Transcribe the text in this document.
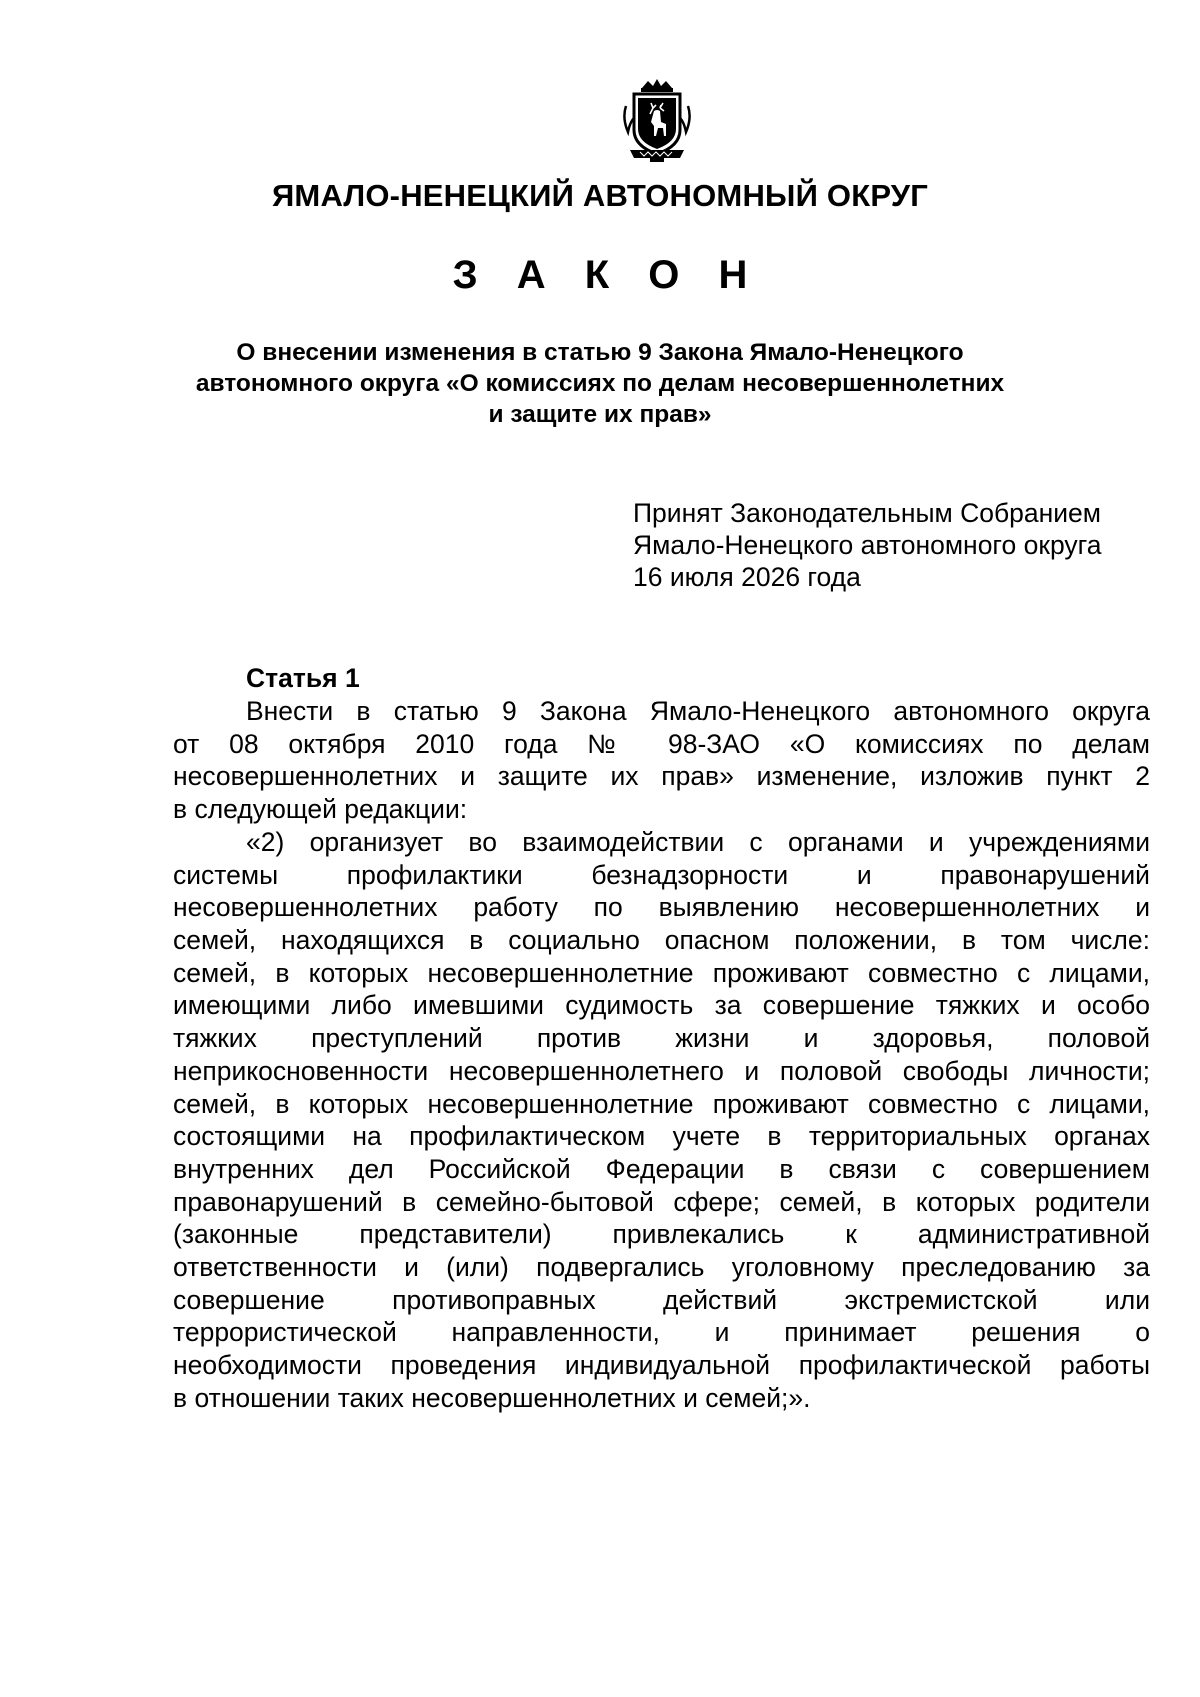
ЯМАЛО-НЕНЕЦКИЙ АВТОНОМНЫЙ ОКРУГ
З А К О Н
О внесении изменения в статью 9 Закона Ямало-Ненецкого
автономного округа «О комиссиях по делам несовершеннолетних
и защите их прав»
Принят Законодательным Собранием
Ямало-Ненецкого автономного округа
16 июля 2026 года
Статья 1
Внести в статью 9 Закона Ямало-Ненецкого автономного округа
от 08 октября 2010 года № 98-ЗАО «О комиссиях по делам
несовершеннолетних и защите их прав» изменение, изложив пункт 2
в следующей редакции:
«2) организует во взаимодействии с органами и учреждениями
системы профилактики безнадзорности и правонарушений
несовершеннолетних работу по выявлению несовершеннолетних и
семей, находящихся в социально опасном положении, в том числе:
семей, в которых несовершеннолетние проживают совместно с лицами,
имеющими либо имевшими судимость за совершение тяжких и особо
тяжких преступлений против жизни и здоровья, половой
неприкосновенности несовершеннолетнего и половой свободы личности;
семей, в которых несовершеннолетние проживают совместно с лицами,
состоящими на профилактическом учете в территориальных органах
внутренних дел Российской Федерации в связи с совершением
правонарушений в семейно-бытовой сфере; семей, в которых родители
(законные представители) привлекались к административной
ответственности и (или) подвергались уголовному преследованию за
совершение противоправных действий экстремистской или
террористической направленности, и принимает решения о
необходимости проведения индивидуальной профилактической работы
в отношении таких несовершеннолетних и семей;».
